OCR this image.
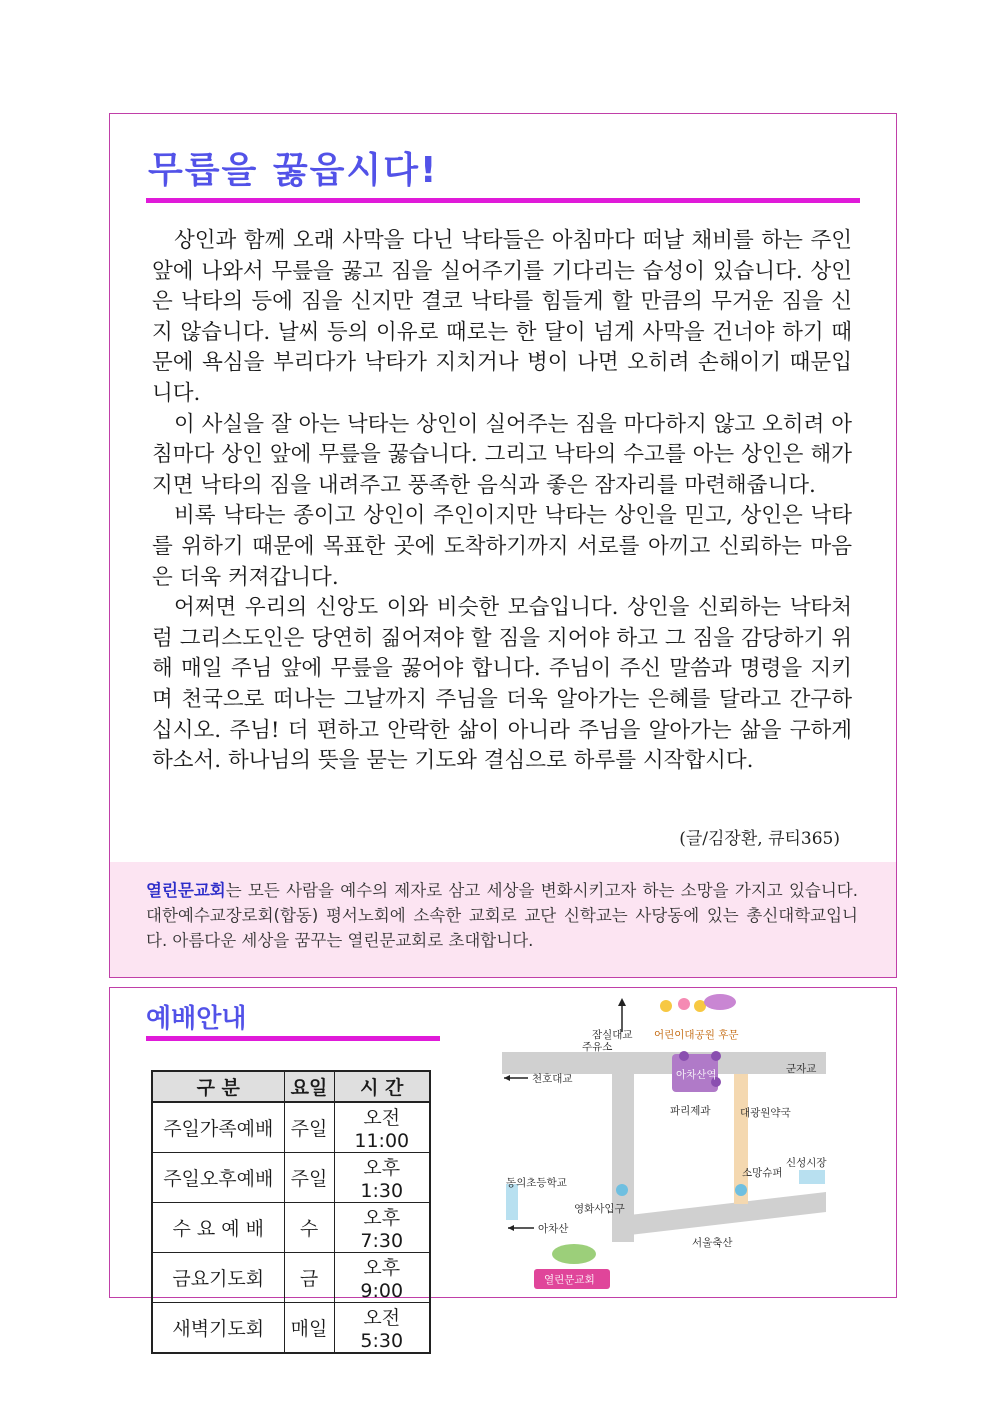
무릅을 꿇읍시다!

상인과 함께 오래 사막을 다닌 낙타들은 아침마다 떠날 채비를 하는 주인 앞에 나와서 무릎을 꿇고 짐을 실어주기를 기다리는 습성이 있습니다. 상인은 낙타의 등에 짐을 신지만 결코 낙타를 힘들게 할 만큼의 무거운 짐을 신지 않습니다. 날씨 등의 이유로 때로는 한 달이 넘게 사막을 건너야 하기 때문에 욕심을 부리다가 낙타가 지치거나 병이 나면 오히려 손해이기 때문입니다.

이 사실을 잘 아는 낙타는 상인이 실어주는 짐을 마다하지 않고 오히려 아침마다 상인 앞에 무릎을 꿇습니다. 그리고 낙타의 수고를 아는 상인은 해가 지면 낙타의 짐을 내려주고 풍족한 음식과 좋은 잠자리를 마련해줍니다.

비록 낙타는 종이고 상인이 주인이지만 낙타는 상인을 믿고, 상인은 낙타를 위하기 때문에 목표한 곳에 도착하기까지 서로를 아끼고 신뢰하는 마음은 더욱 커져갑니다.

어쩌면 우리의 신앙도 이와 비슷한 모습입니다. 상인을 신뢰하는 낙타처럼 그리스도인은 당연히 짊어져야 할 짐을 지어야 하고 그 짐을 감당하기 위해 매일 주님 앞에 무릎을 꿇어야 합니다. 주님이 주신 말씀과 명령을 지키며 천국으로 떠나는 그날까지 주님을 더욱 알아가는 은혜를 달라고 간구하십시오. 주님! 더 편하고 안락한 삶이 아니라 주님을 알아가는 삶을 구하게 하소서. 하나님의 뜻을 묻는 기도와 결심으로 하루를 시작합시다.

(글/김장환, 큐티365)
열린문교회는 모든 사람을 예수의 제자로 삼고 세상을 변화시키고자 하는 소망을 가지고 있습니다. 대한예수교장로회(합동) 평서노회에 소속한 교회로 교단 신학교는 사당동에 있는 총신대학교입니다. 아름다운 세상을 꿈꾸는 열린문교회로 초대합니다.
예배안내
구 분	요일	시 간
주일가족예배	주일	오전11:00
주일오후예배	주일	오후 1:30
수 요 예 배	수	오후 7:30
금요기도회	금	오후 9:00
새벽기도회	매일	오전 5:30
잠실대교 어린이대공원 후문
주유소
천호대교
군자교
아차산역
파리제과	대광원약국
신성시장
소망슈퍼
동의초등학교
영화사입구
아차산
서울축산
열린문교회
